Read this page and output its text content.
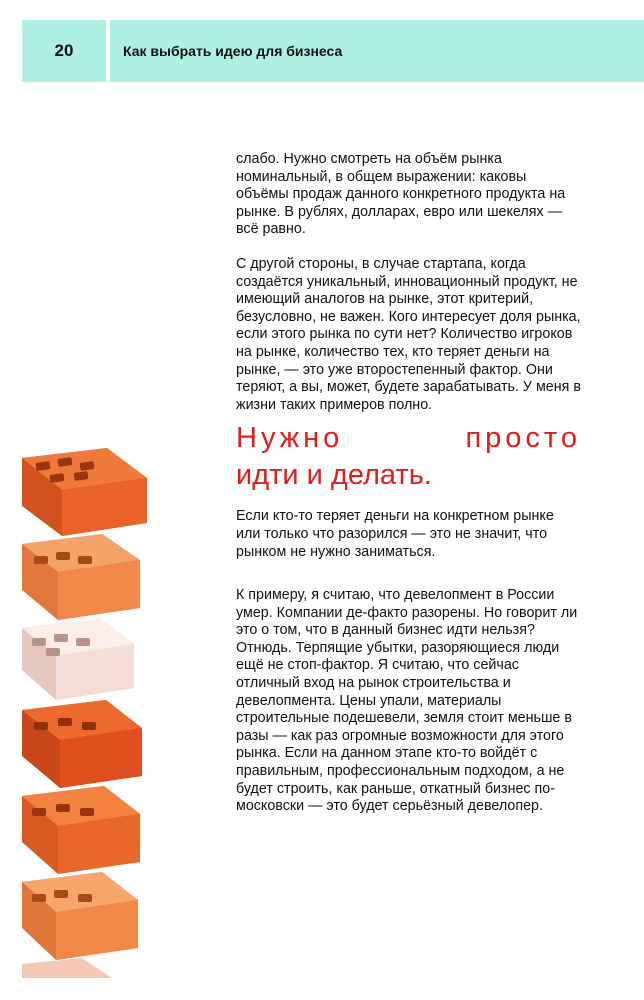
20	Как выбрать идею для бизнеса

слабо. Нужно смотреть на объём рынка номинальный, в общем выражении: каковы объёмы продаж данного конкретного продукта на рынке. В рублях, долларах, евро или шекелях — всё равно.

С другой стороны, в случае стартапа, когда создаётся уникальный, инновационный продукт, не имеющий аналогов на рынке, этот критерий, безусловно, не важен. Кого интересует доля рынка, если этого рынка по сути нет? Количество игроков на рынке, количество тех, кто теряет деньги на рынке, — это уже второстепенный фактор. Они теряют, а вы, может, будете зарабатывать. У меня в жизни таких примеров полно.

Нужно	просто
идти и делать.

Если кто-то теряет деньги на конкретном рынке или только что разорился — это не значит, что рынком не нужно заниматься.

К примеру, я считаю, что девелопмент в России умер. Компании де-факто разорены. Но говорит ли это о том, что в данный бизнес идти нельзя? Отнюдь. Терпящие убытки, разоряющиеся люди ещё не стоп-фактор. Я считаю, что сейчас отличный вход на рынок строительства и девелопмента. Цены упали, материалы строительные подешевели, земля стоит меньше в разы — как раз огромные возможности для этого рынка. Если на данном этапе кто-то войдёт с правильным, профессиональным подходом, а не будет строить, как раньше, откатный бизнес по-московски — это будет серьёзный девелопер.
